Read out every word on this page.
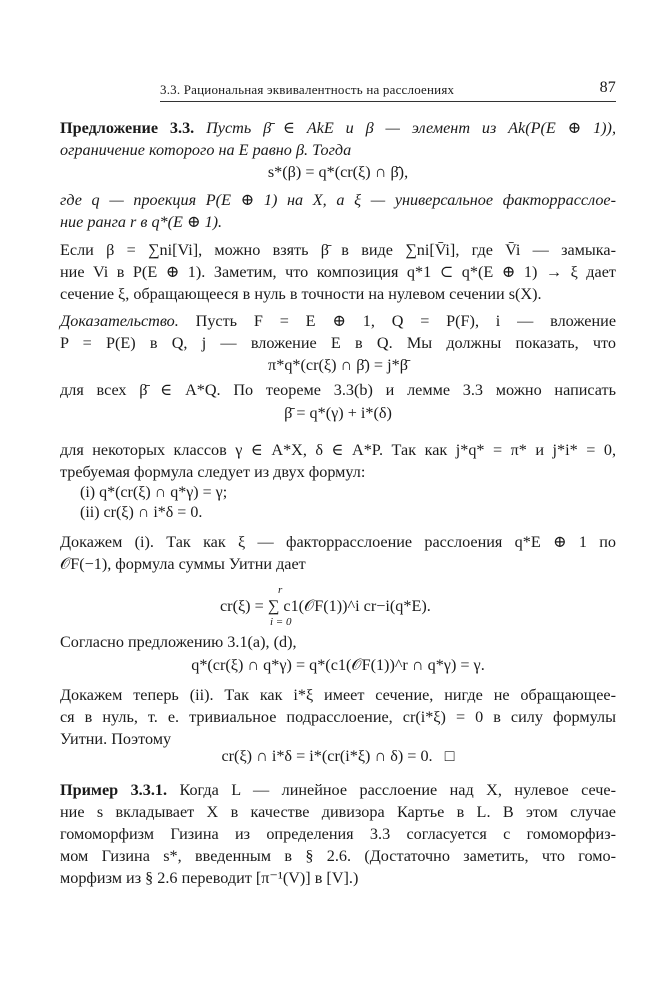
3.3. Рациональная эквивалентность на расслоениях	87
Предложение 3.3. Пусть β̄ ∈ AkE и β — элемент из Ak(P(E ⊕ 1)),
ограничение которого на E равно β. Тогда
s*(β) = q*(cr(ξ) ∩ β̄),
где q — проекция P(E ⊕ 1) на X, a ξ — универсальное факторрасслое-
ние ранга r в q*(E ⊕ 1).
Если β = ∑ni[Vi], можно взять β̄ в виде ∑ni[V̄i], где V̄i — замыка-
ние Vi в P(E ⊕ 1). Заметим, что композиция q*1 ⊂ q*(E ⊕ 1) → ξ дает
сечение ξ, обращающееся в нуль в точности на нулевом сечении s(X).
Доказательство. Пусть F = E ⊕ 1, Q = P(F), i — вложение
P = P(E) в Q, j — вложение E в Q. Мы должны показать, что
π*q*(cr(ξ) ∩ β̄) = j*β̄
для всех β̄ ∈ A*Q. По теореме 3.3(b) и лемме 3.3 можно написать
β̄ = q*(γ) + i*(δ)
для некоторых классов γ ∈ A*X, δ ∈ A*P. Так как j*q* = π* и j*i* = 0,
требуемая формула следует из двух формул:
(i) q*(cr(ξ) ∩ q*γ) = γ;
(ii) cr(ξ) ∩ i*δ = 0.
Докажем (i). Так как ξ — факторрасслоение расслоения q*E ⊕ 1 по
𝒪F(−1), формула суммы Уитни дает
cr(ξ) = ∑ c1(𝒪F(1))^i cr−i(q*E).
r
i = 0
Согласно предложению 3.1(a), (d),
q*(cr(ξ) ∩ q*γ) = q*(c1(𝒪F(1))^r ∩ q*γ) = γ.
Докажем теперь (ii). Так как i*ξ имеет сечение, нигде не обращающее-
ся в нуль, т. е. тривиальное подрасслоение, cr(i*ξ) = 0 в силу формулы
Уитни. Поэтому
cr(ξ) ∩ i*δ = i*(cr(i*ξ) ∩ δ) = 0. □
Пример 3.3.1. Когда L — линейное расслоение над X, нулевое сече-
ние s вкладывает X в качестве дивизора Картье в L. В этом случае
гомоморфизм Гизина из определения 3.3 согласуется с гомоморфиз-
мом Гизина s*, введенным в § 2.6. (Достаточно заметить, что гомо-
морфизм из § 2.6 переводит [π⁻¹(V)] в [V].)
